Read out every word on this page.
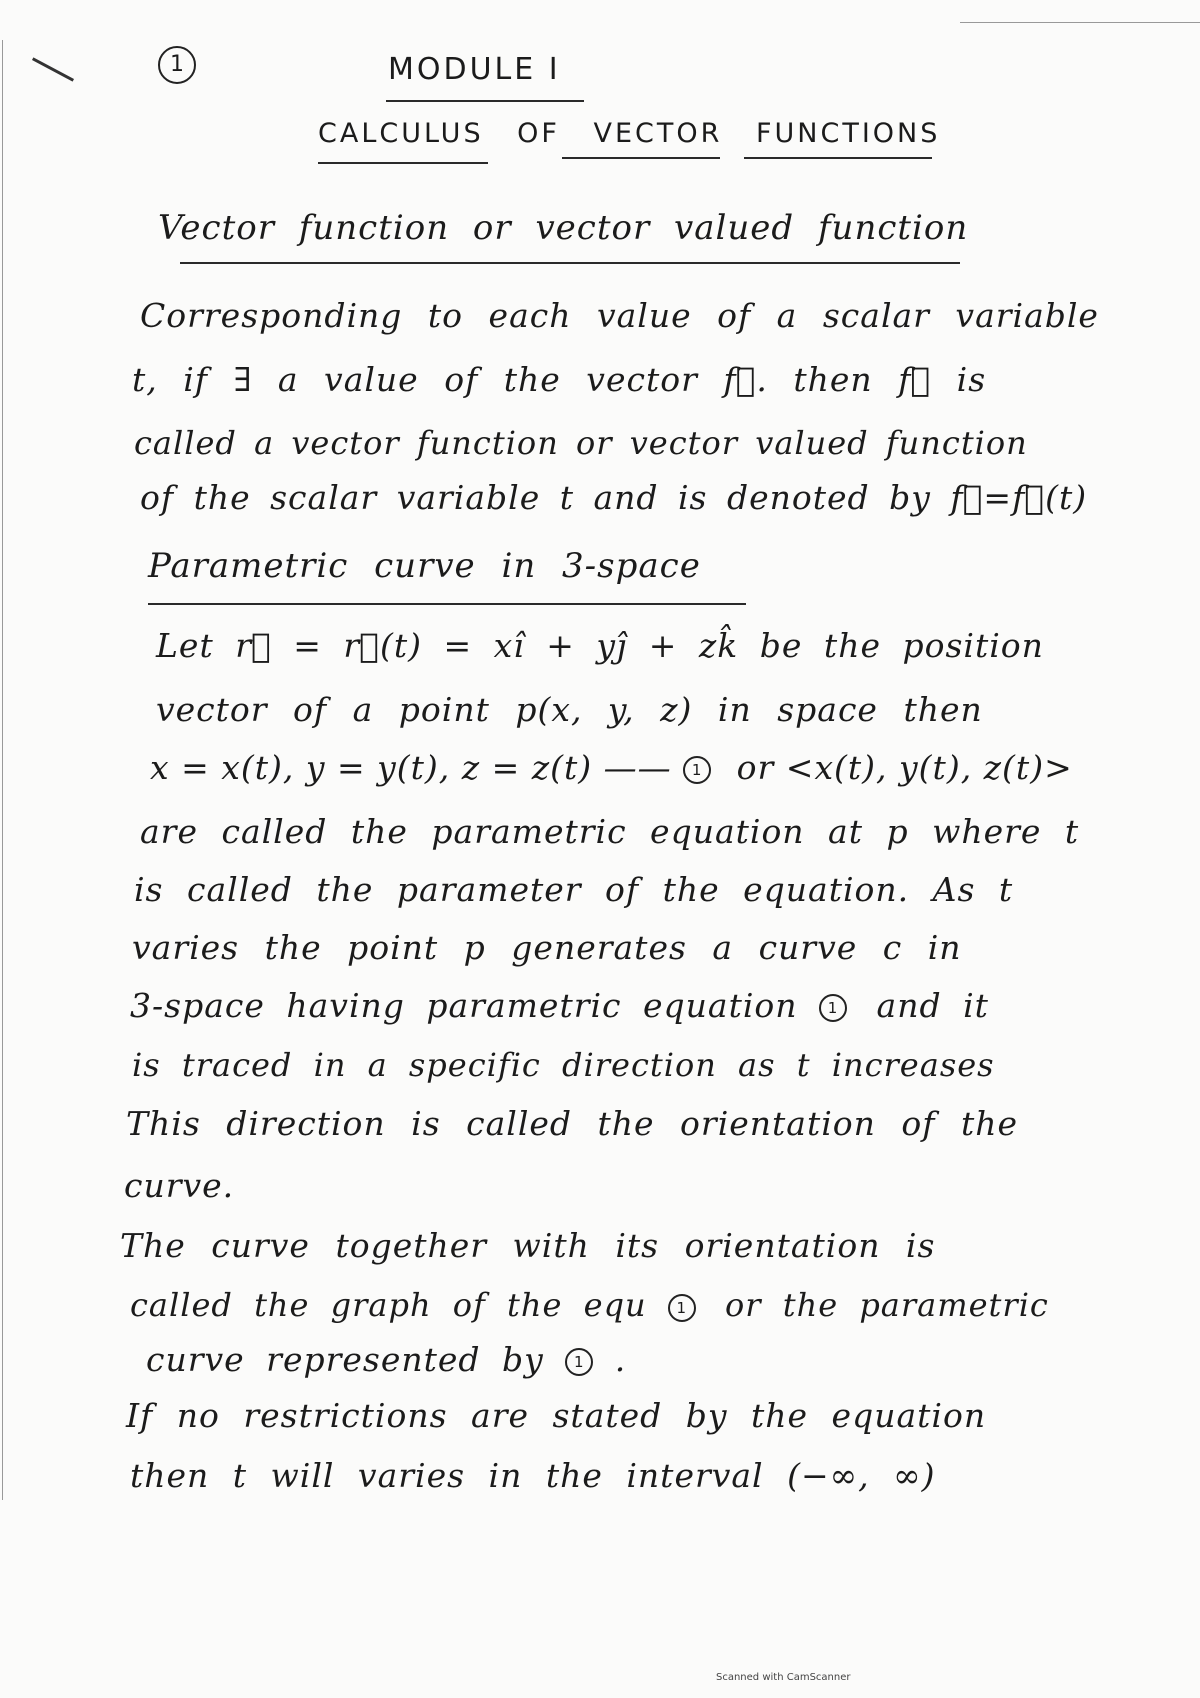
1	MODULE I
CALCULUS OF VECTOR FUNCTIONS
Vector function or vector valued function
Corresponding to each value of a scalar variable
t, if ∃ a value of the vector f⃗. then f⃗ is
called a vector function or vector valued function
of the scalar variable t and is denoted by f⃗=f⃗(t)
Parametric curve in 3-space
Let r⃗ = r⃗(t) = xî + yĵ + zk̂ be the position
vector of a point p(x, y, z) in space then
x = x(t), y = y(t), z = z(t) —— 1 or <x(t), y(t), z(t)>
are called the parametric equation at p where t
is called the parameter of the equation. As t
varies the point p generates a curve c in
3-space having parametric equation 1 and it
is traced in a specific direction as t increases
This direction is called the orientation of the
curve.
The curve together with its orientation is
called the graph of the equ 1 or the parametric
curve represented by 1 .
If no restrictions are stated by the equation
then t will varies in the interval (−∞, ∞)
Scanned with CamScanner
